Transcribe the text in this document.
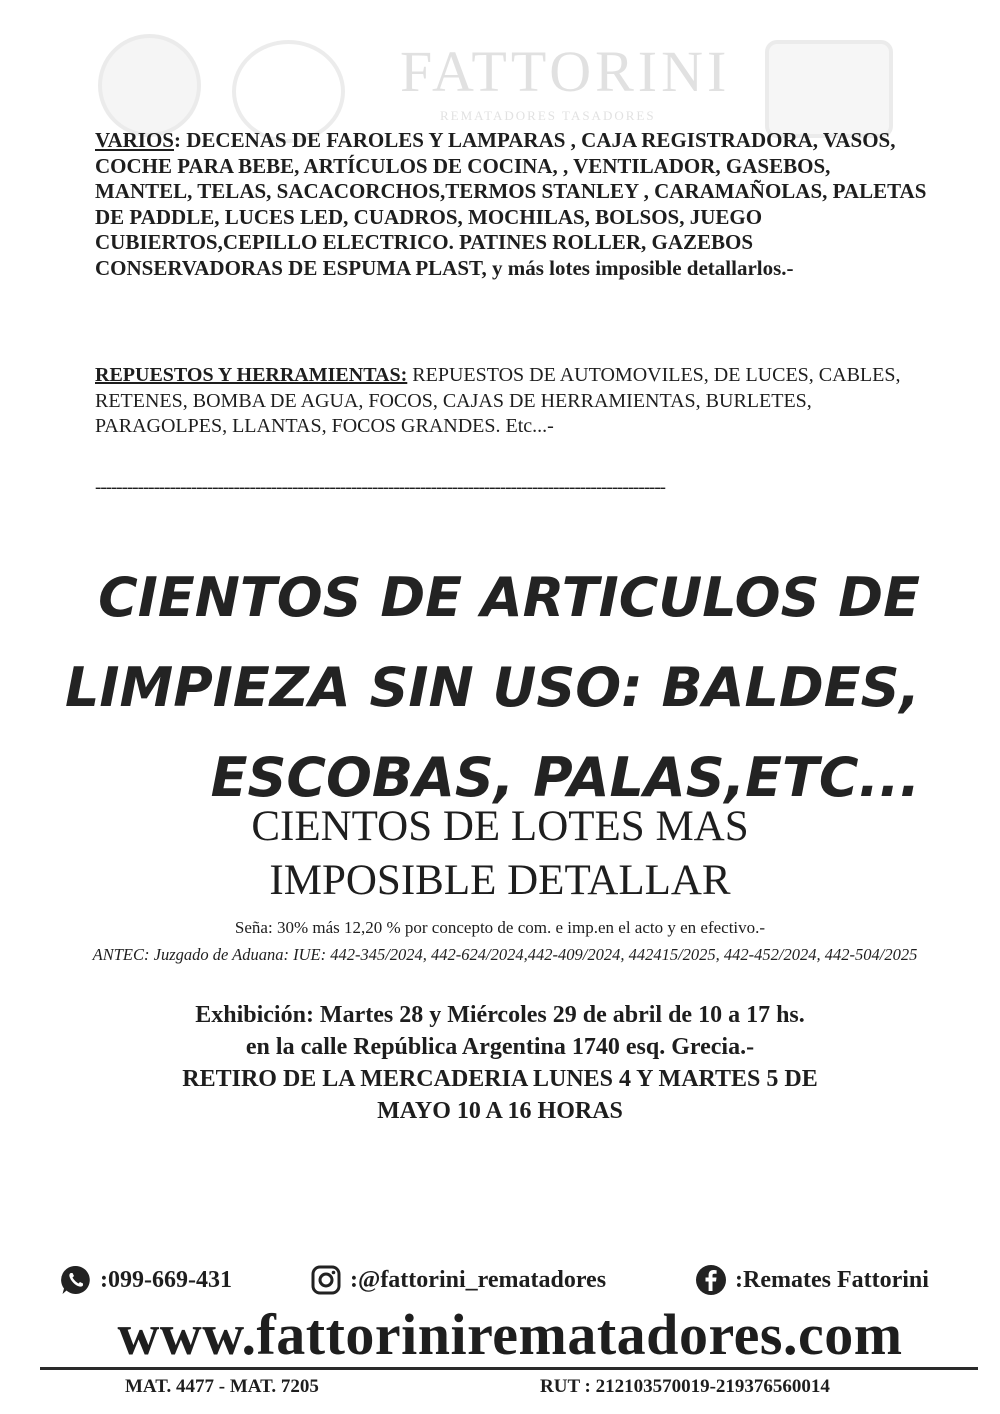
FATTORINI
REMATADORES TASADORES
VARIOS: DECENAS DE FAROLES Y LAMPARAS , CAJA REGISTRADORA, VASOS, COCHE PARA BEBE, ARTÍCULOS DE COCINA, , VENTILADOR, GASEBOS, MANTEL, TELAS, SACACORCHOS,TERMOS STANLEY , CARAMAÑOLAS, PALETAS DE PADDLE, LUCES LED, CUADROS, MOCHILAS, BOLSOS, JUEGO CUBIERTOS,CEPILLO ELECTRICO. PATINES ROLLER, GAZEBOS CONSERVADORAS DE ESPUMA PLAST, y más lotes imposible detallarlos.-
REPUESTOS Y HERRAMIENTAS: REPUESTOS DE AUTOMOVILES, DE LUCES, CABLES, RETENES, BOMBA DE AGUA, FOCOS, CAJAS DE HERRAMIENTAS, BURLETES, PARAGOLPES, LLANTAS, FOCOS GRANDES. Etc...-
-----------------------------------------------------------------------------------------------------------
CIENTOS DE ARTICULOS DE
LIMPIEZA SIN USO: BALDES,
ESCOBAS, PALAS,ETC...
CIENTOS DE LOTES MAS
IMPOSIBLE DETALLAR
Seña: 30% más 12,20 % por concepto de com. e imp.en el acto y en efectivo.-
ANTEC: Juzgado de Aduana: IUE: 442-345/2024, 442-624/2024,442-409/2024, 442415/2025, 442-452/2024, 442-504/2025
Exhibición: Martes 28 y Miércoles 29 de abril de 10 a 17 hs.
en la calle República Argentina 1740 esq. Grecia.-
RETIRO DE LA MERCADERIA LUNES 4 Y MARTES 5 DE
MAYO 10 A 16 HORAS
:099-669-431	:@fattorini_rematadores	:Remates Fattorini
www.fattorinirematadores.com
MAT. 4477 - MAT. 7205	RUT : 212103570019-219376560014
